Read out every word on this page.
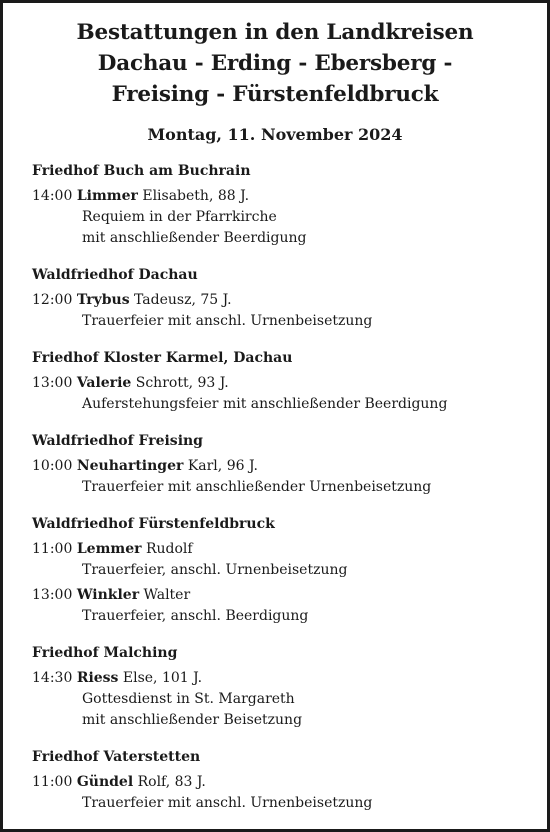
Bestattungen in den Landkreisen
Dachau - Erding - Ebersberg -
Freising - Fürstenfeldbruck
Montag, 11. November 2024
Friedhof Buch am Buchrain
14:00 Limmer Elisabeth, 88 J.
Requiem in der Pfarrkirche
mit anschließender Beerdigung
Waldfriedhof Dachau
12:00 Trybus Tadeusz, 75 J.
Trauerfeier mit anschl. Urnenbeisetzung
Friedhof Kloster Karmel, Dachau
13:00 Valerie Schrott, 93 J.
Auferstehungsfeier mit anschließender Beerdigung
Waldfriedhof Freising
10:00 Neuhartinger Karl, 96 J.
Trauerfeier mit anschließender Urnenbeisetzung
Waldfriedhof Fürstenfeldbruck
11:00 Lemmer Rudolf
Trauerfeier, anschl. Urnenbeisetzung
13:00 Winkler Walter
Trauerfeier, anschl. Beerdigung
Friedhof Malching
14:30 Riess Else, 101 J.
Gottesdienst in St. Margareth
mit anschließender Beisetzung
Friedhof Vaterstetten
11:00 Gündel Rolf, 83 J.
Trauerfeier mit anschl. Urnenbeisetzung
